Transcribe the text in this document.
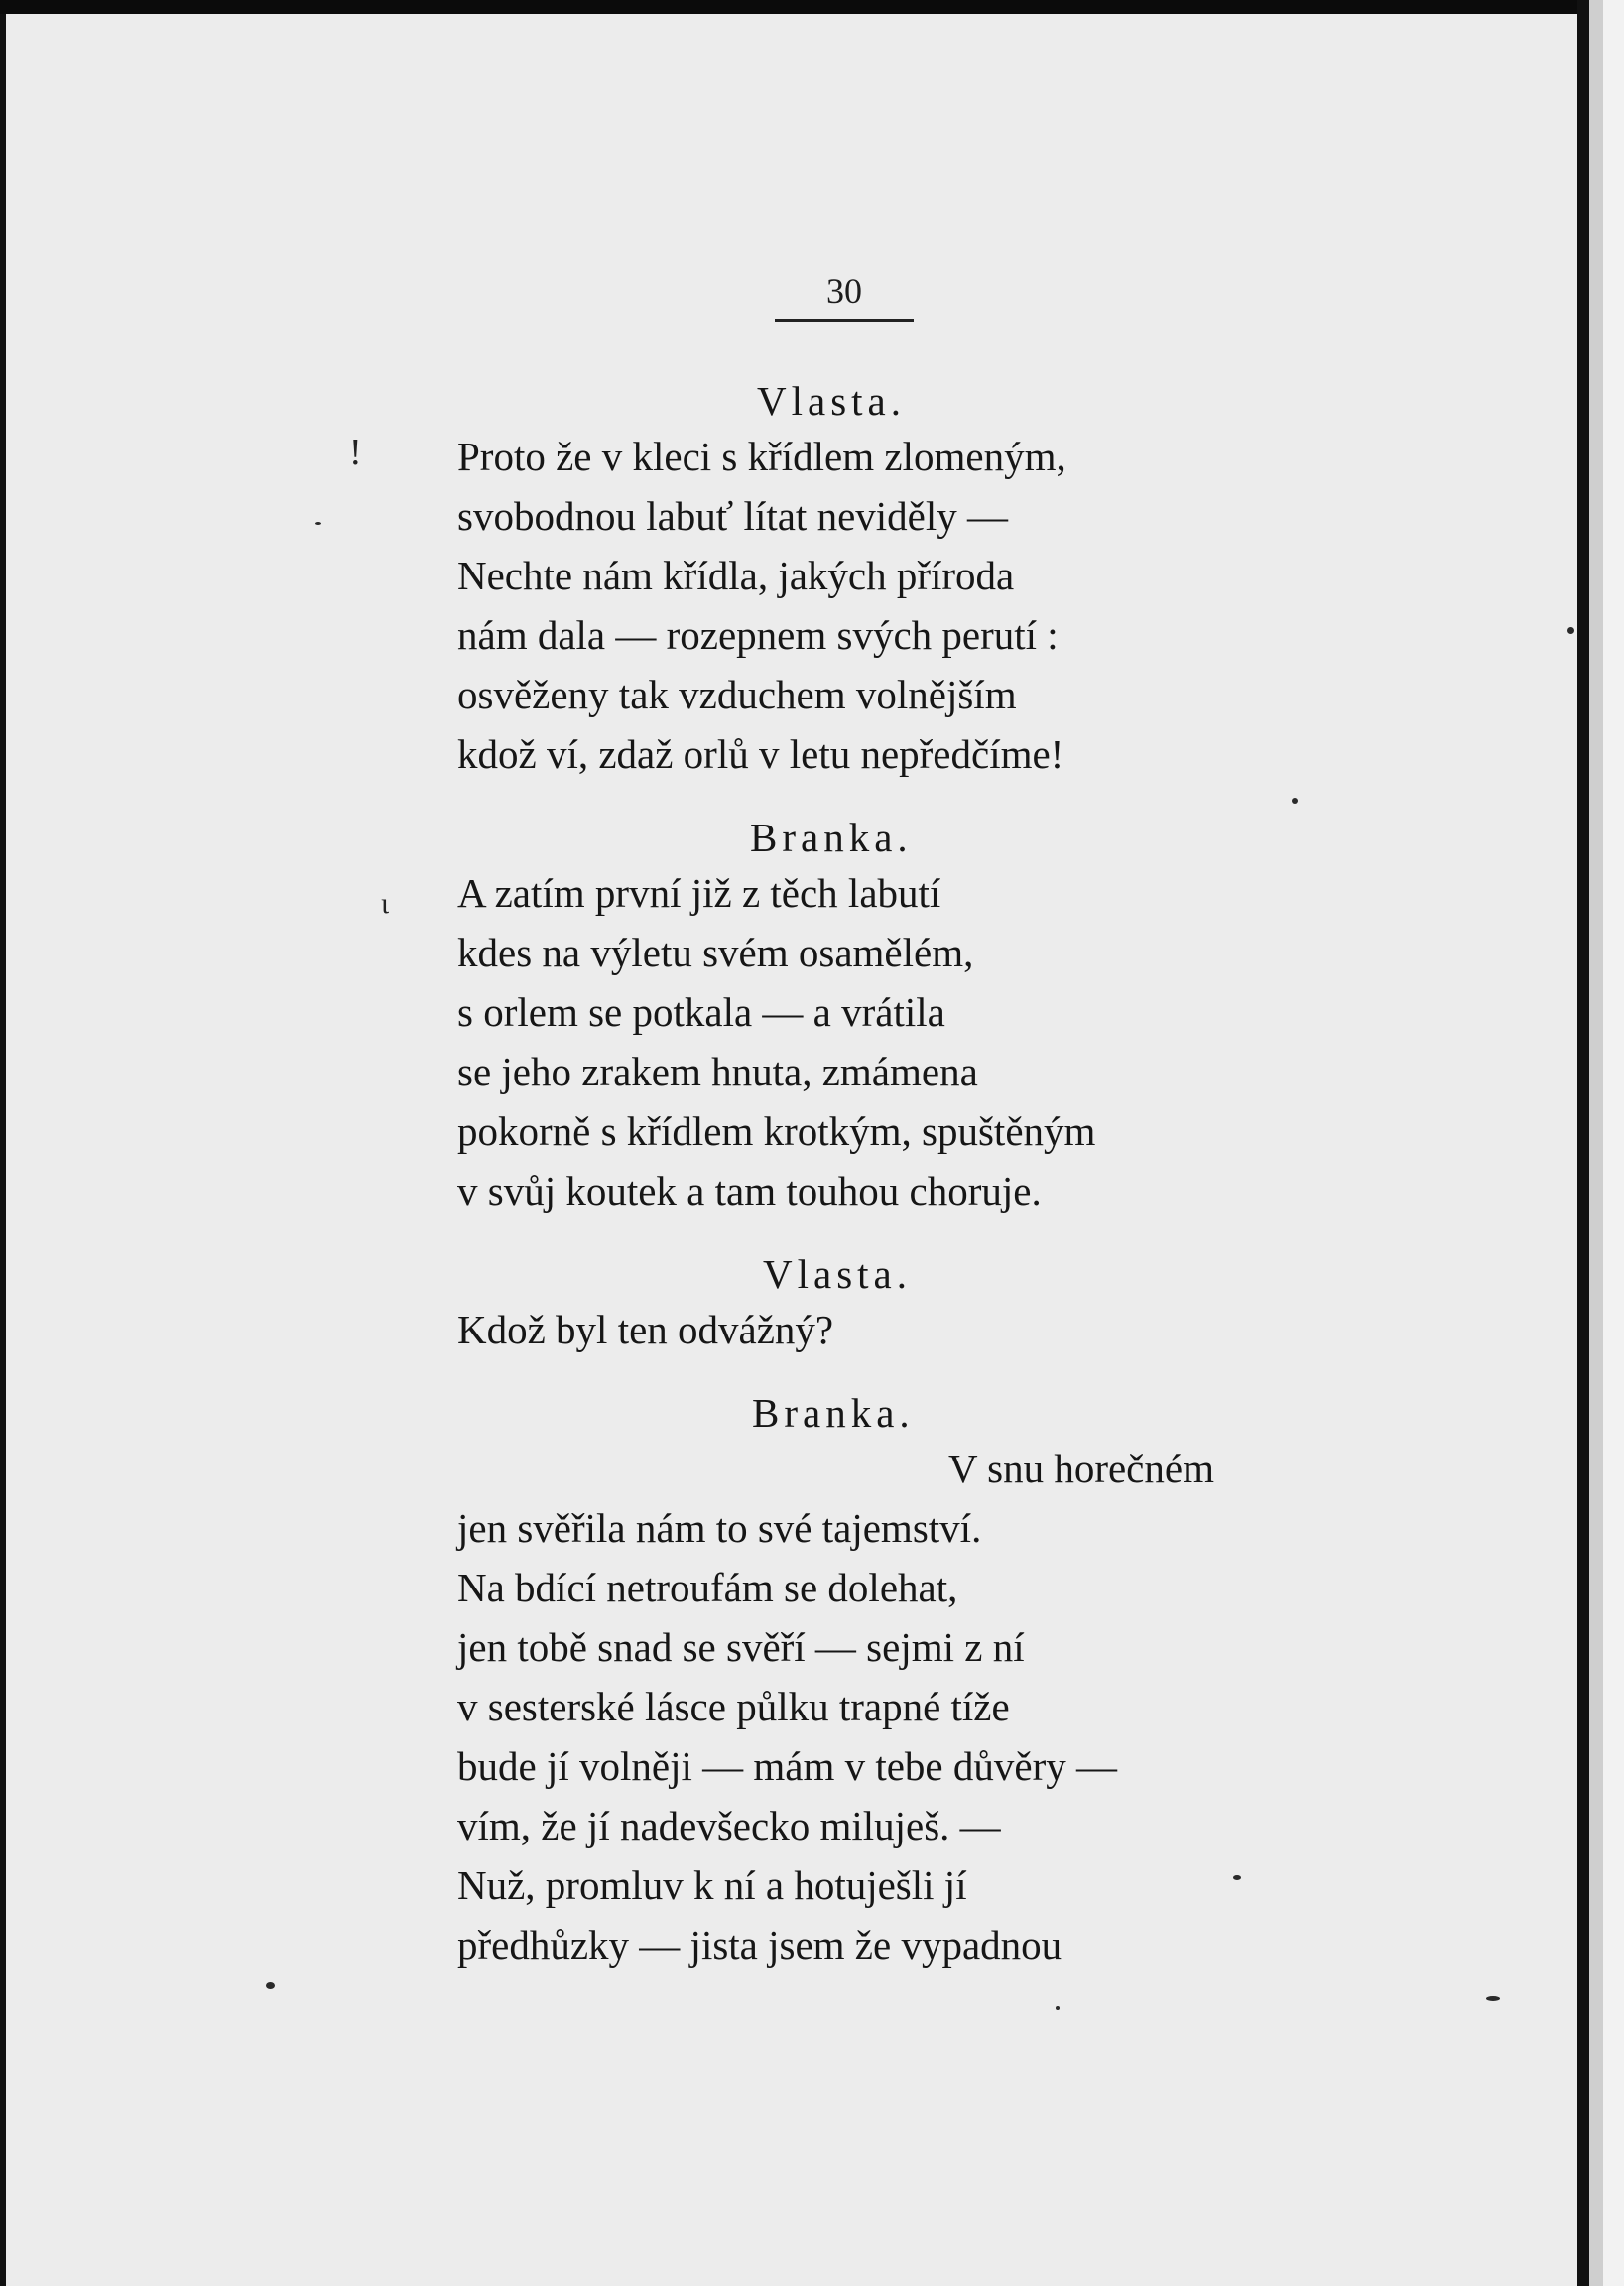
30
Vlasta.
Proto že v kleci s křídlem zlomeným,
svobodnou labuť lítat neviděly —
Nechte nám křídla, jakých příroda
nám dala — rozepnem svých perutí :
osvěženy tak vzduchem volnějším
kdož ví, zdaž orlů v letu nepředčíme!
Branka.
A zatím první již z těch labutí
kdes na výletu svém osamělém,
s orlem se potkala — a vrátila
se jeho zrakem hnuta, zmámena
pokorně s křídlem krotkým, spuštěným
v svůj koutek a tam touhou choruje.
Vlasta.
Kdož byl ten odvážný?
Branka.
V snu horečném
jen svěřila nám to své tajemství.
Na bdící netroufám se dolehat,
jen tobě snad se svěří — sejmi z ní
v sesterské lásce půlku trapné tíže
bude jí volněji — mám v tebe důvěry —
vím, že jí nadevšecko miluješ. —
Nuž, promluv k ní a hotuješli jí
předhůzky — jista jsem že vypadnou
!
ι
